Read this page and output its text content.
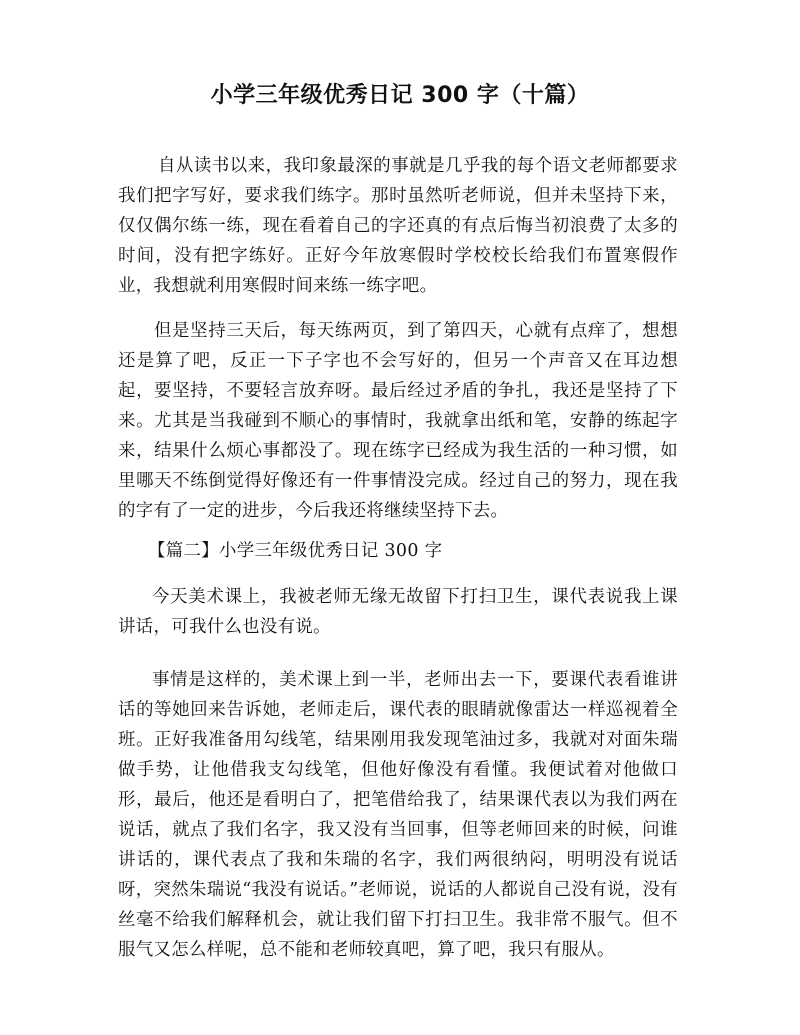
小学三年级优秀日记 300 字（十篇）

自从读书以来，我印象最深的事就是几乎我的每个语文老师都要求我们把字写好，要求我们练字。那时虽然听老师说，但并未坚持下来，仅仅偶尔练一练，现在看着自己的字还真的有点后悔当初浪费了太多的时间，没有把字练好。正好今年放寒假时学校校长给我们布置寒假作业，我想就利用寒假时间来练一练字吧。

但是坚持三天后，每天练两页，到了第四天，心就有点痒了，想想还是算了吧，反正一下子字也不会写好的，但另一个声音又在耳边想起，要坚持，不要轻言放弃呀。最后经过矛盾的争扎，我还是坚持了下来。尤其是当我碰到不顺心的事情时，我就拿出纸和笔，安静的练起字来，结果什么烦心事都没了。现在练字已经成为我生活的一种习惯，如里哪天不练倒觉得好像还有一件事情没完成。经过自己的努力，现在我的字有了一定的进步，今后我还将继续坚持下去。

【篇二】小学三年级优秀日记 300 字

今天美术课上，我被老师无缘无故留下打扫卫生，课代表说我上课讲话，可我什么也没有说。

事情是这样的，美术课上到一半，老师出去一下，要课代表看谁讲话的等她回来告诉她，老师走后，课代表的眼睛就像雷达一样巡视着全班。正好我准备用勾线笔，结果刚用我发现笔油过多，我就对对面朱瑞做手势，让他借我支勾线笔，但他好像没有看懂。我便试着对他做口形，最后，他还是看明白了，把笔借给我了，结果课代表以为我们两在说话，就点了我们名字，我又没有当回事，但等老师回来的时候，问谁讲话的，课代表点了我和朱瑞的名字，我们两很纳闷，明明没有说话呀，突然朱瑞说“我没有说话。”老师说，说话的人都说自己没有说，没有丝毫不给我们解释机会，就让我们留下打扫卫生。我非常不服气。但不服气又怎么样呢，总不能和老师较真吧，算了吧，我只有服从。
